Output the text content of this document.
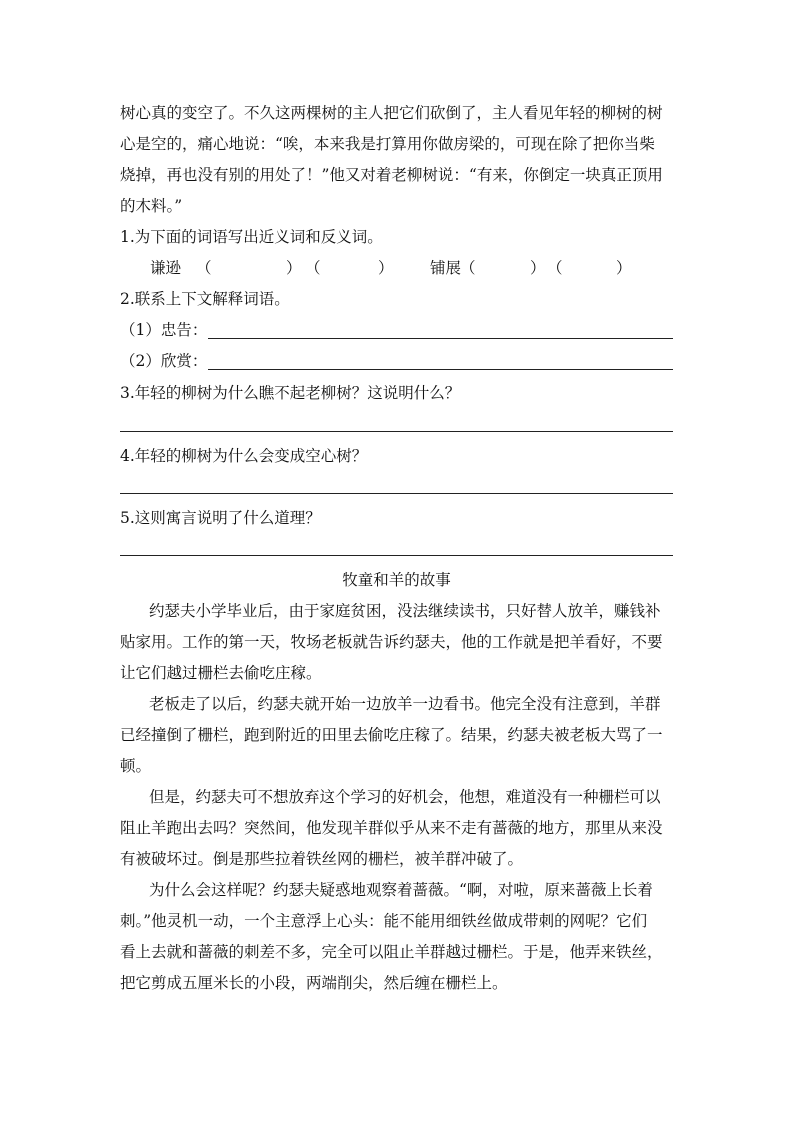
树心真的变空了。不久这两棵树的主人把它们砍倒了，主人看见年轻的柳树的树
心是空的，痛心地说：“唉，本来我是打算用你做房梁的，可现在除了把你当柴
烧掉，再也没有别的用处了！”他又对着老柳树说：“有来，你倒定一块真正顶用
的木料。”
1.为下面的词语写出近义词和反义词。
谦逊 （	） （	） 铺展
（	） （	）
2.联系上下文解释词语。
（1）忠告：
（2）欣赏：
3.年轻的柳树为什么瞧不起老柳树？这说明什么？
4.年轻的柳树为什么会变成空心树？
5.这则寓言说明了什么道理？
牧童和羊的故事
约瑟夫小学毕业后，由于家庭贫困，没法继续读书，只好替人放羊，赚钱补
贴家用。工作的第一天，牧场老板就告诉约瑟夫，他的工作就是把羊看好，不要
让它们越过栅栏去偷吃庄稼。
老板走了以后，约瑟夫就开始一边放羊一边看书。他完全没有注意到，羊群
已经撞倒了栅栏，跑到附近的田里去偷吃庄稼了。结果，约瑟夫被老板大骂了一
顿。
但是，约瑟夫可不想放弃这个学习的好机会，他想，难道没有一种栅栏可以
阻止羊跑出去吗？突然间，他发现羊群似乎从来不走有蔷薇的地方，那里从来没
有被破坏过。倒是那些拉着铁丝网的栅栏，被羊群冲破了。
为什么会这样呢？约瑟夫疑惑地观察着蔷薇。“啊，对啦，原来蔷薇上长着
刺。”他灵机一动，一个主意浮上心头：能不能用细铁丝做成带刺的网呢？它们
看上去就和蔷薇的刺差不多，完全可以阻止羊群越过栅栏。于是，他弄来铁丝，
把它剪成五厘米长的小段，两端削尖，然后缠在栅栏上。
